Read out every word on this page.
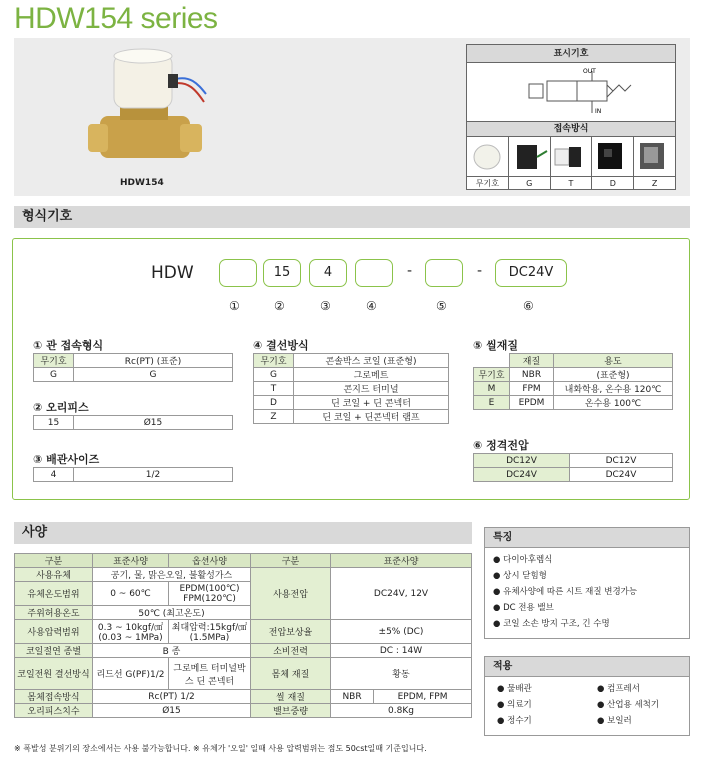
HDW154 series
HDW154
표시기호
OUT
IN
접속방식
무기호	G	T	D	Z
형식기호
HDW	15	4	-	-	DC24V
①	②	③	④	⑤	⑥
① 관 접속형식
무기호	Rc(PT) (표준)
G	G
② 오리피스
15	Ø15
③ 배관사이즈
4	1/2
④ 결선방식
무기호	콘솔박스 코일 (표준형)
G	그로메트
T	콘지드 터미널
D	딘 코일 + 딘 콘넥터
Z	딘 코일 + 딘콘넥터 램프
⑤ 씰재질
	재질	용도
무기호	NBR	(표준형)
M	FPM	내화학용, 온수용 120℃
E	EPDM	온수용 100℃
⑥ 정격전압
DC12V	DC12V
DC24V	DC24V
사양
구분	표준사양	옵션사양	구분	표준사양	
사용유체	공기, 물, 맑은오일, 불활성가스		사용전압	DC24V, 12V	
유체온도범위	0 ~ 60℃	EPDM(100℃) FPM(120℃)			
주위허용온도	50℃ (최고온도)				
사용압력범위	0.3 ~ 10kgf/㎠ (0.03 ~ 1MPa)	최대압력:15kgf/㎠ (1.5MPa)	전압보상율	±5% (DC)	
코일절연 종별	B 종		소비전력	DC : 14W	
코일전원 결선방식	리드선 G(PF)1/2	그로메트 터미널박스 딘 콘넥터	몸체 재질	황동	
몸체접속방식	Rc(PT) 1/2		씰 재질	NBR	EPDM, FPM
오리피스치수	Ø15		밸브중량	0.8Kg	
특징
● 다이아후렘식
● 상시 닫힘형
● 유체사양에 따른 시트 재질 변경가능
● DC 전용 밸브
● 코일 소손 방지 구조, 긴 수명
적용
● 물배관
● 의료기
● 정수기
● 컴프레서
● 산업용 세척기
● 보일러
※ 폭발성 분위기의 장소에서는 사용 불가능합니다. ※ 유체가 '오일' 일때 사용 압력범위는 점도 50cst일때 기준입니다.
